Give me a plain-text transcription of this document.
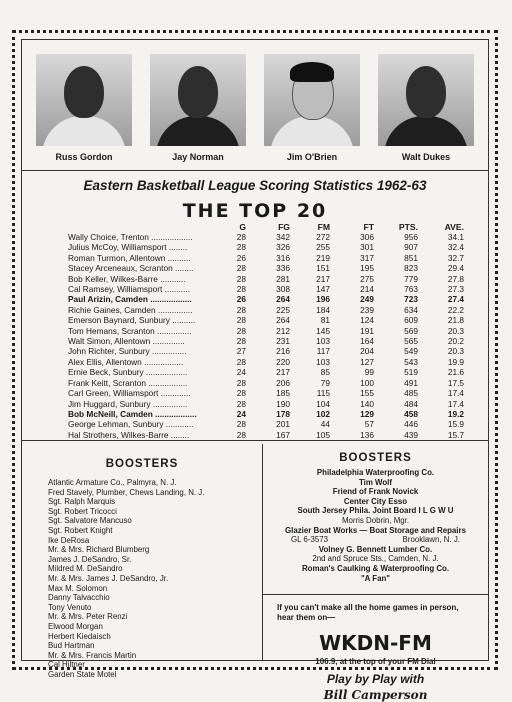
Russ Gordon	Jay Norman	Jim O'Brien	Walt Dukes
Eastern Basketball League Scoring Statistics 1962-63
THE TOP 20
	G	FG	FM	FT	PTS.	AVE.
Wally Choice, Trenton ..................	28	342	272	306	956	34.1
Julius McCoy, Williamsport ........	28	326	255	301	907	32.4
Roman Turmon, Allentown ..........	26	316	219	317	851	32.7
Stacey Arceneaux, Scranton ........	28	336	151	195	823	29.4
Bob Keller, Wilkes-Barre ...........	28	281	217	275	779	27.8
Cal Ramsey, Williamsport ...........	28	308	147	214	763	27.3
Paul Arizin, Camden ..................	26	264	196	249	723	27.4
Richie Gaines, Camden ...............	28	225	184	239	634	22.2
Emerson Baynard, Sunbury ..........	28	264	81	124	609	21.8
Tom Hemans, Scranton ...............	28	212	145	191	569	20.3
Walt Simon, Allentown ..............	28	231	103	164	565	20.2
John Richter, Sunbury ...............	27	216	117	204	549	20.3
Alex Ellis, Allentown .................	28	220	103	127	543	19.9
Ernie Beck, Sunbury ..................	24	217	85	99	519	21.6
Frank Keitt, Scranton .................	28	206	79	100	491	17.5
Carl Green, Williamsport .............	28	185	115	155	485	17.4
Jim Huggard, Sunbury ...............	28	190	104	140	484	17.4
Bob McNeill, Camden ..................	24	178	102	129	458	19.2
George Lehman, Sunbury ............	28	201	44	57	446	15.9
Hal Strothers, Wilkes-Barre ........	28	167	105	136	439	15.7
BOOSTERS
Atlantic Armature Co., Palmyra, N. J.
Fred Stavely, Plumber, Chews Landing, N. J.
Sgt. Ralph Marquis
Sgt. Robert Tricocci
Sgt. Salvatore Mancuso
Sgt. Robert Knight
Ike DeRosa
Mr. & Mrs. Richard Blumberg
James J. DeSandro, Sr.
Mildred M. DeSandro
Mr. & Mrs. James J. DeSandro, Jr.
Max M. Solomon
Danny Talvacchio
Tony Venuto
Mr. & Mrs. Peter Renzi
Elwood Morgan
Herbert Kiedaisch
Bud Hartman
Mr. & Mrs. Francis Martin
Cal Hiltner
Garden State Motel
BOOSTERS
Philadelphia Waterproofing Co.
Tim Wolf
Friend of Frank Novick
Center City Esso
South Jersey Phila. Joint Board I L G W U
Morris Dobrin, Mgr.
Glazier Boat Works — Boat Storage and Repairs
GL 6-3573	Brooklawn, N. J.
Volney G. Bennett Lumber Co.
2nd and Spruce Sts., Camden, N. J.
Roman's Caulking & Waterproofing Co.
"A Fan"
If you can't make all the home games in person,
hear them on—
WKDN-FM
106.9, at the top of your FM Dial
Play by Play with
Bill Camperson
